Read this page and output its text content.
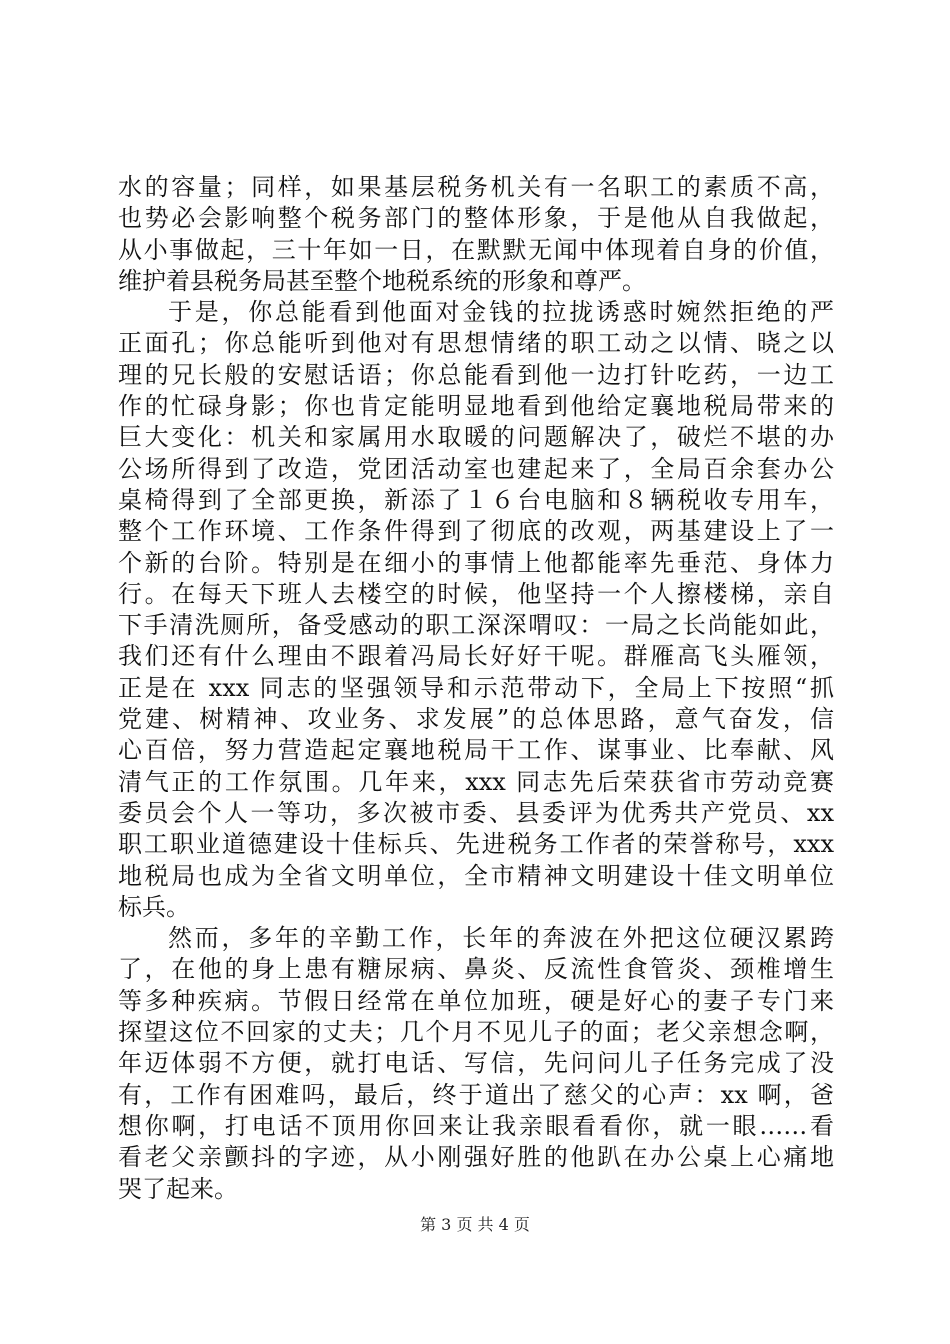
水的容量；同样，如果基层税务机关有一名职工的素质不高，
也势必会影响整个税务部门的整体形象，于是他从自我做起，
从小事做起，三十年如一日，在默默无闻中体现着自身的价值，
维护着县税务局甚至整个地税系统的形象和尊严。
于是，你总能看到他面对金钱的拉拢诱惑时婉然拒绝的严
正面孔；你总能听到他对有思想情绪的职工动之以情、晓之以
理的兄长般的安慰话语；你总能看到他一边打针吃药，一边工
作的忙碌身影；你也肯定能明显地看到他给定襄地税局带来的
巨大变化：机关和家属用水取暖的问题解决了，破烂不堪的办
公场所得到了改造，党团活动室也建起来了，全局百余套办公
桌椅得到了全部更换，新添了１６台电脑和８辆税收专用车，
整个工作环境、工作条件得到了彻底的改观，两基建设上了一
个新的台阶。特别是在细小的事情上他都能率先垂范、身体力
行。在每天下班人去楼空的时候，他坚持一个人擦楼梯，亲自
下手清洗厕所，备受感动的职工深深喟叹：一局之长尚能如此，
我们还有什么理由不跟着冯局长好好干呢。群雁高飞头雁领，
正是在 xxx 同志的坚强领导和示范带动下，全局上下按照“抓
党建、树精神、攻业务、求发展”的总体思路，意气奋发，信
心百倍，努力营造起定襄地税局干工作、谋事业、比奉献、风
清气正的工作氛围。几年来，xxx 同志先后荣获省市劳动竞赛
委员会个人一等功，多次被市委、县委评为优秀共产党员、xx
职工职业道德建设十佳标兵、先进税务工作者的荣誉称号，xxx
地税局也成为全省文明单位，全市精神文明建设十佳文明单位
标兵。
然而，多年的辛勤工作，长年的奔波在外把这位硬汉累跨
了，在他的身上患有糖尿病、鼻炎、反流性食管炎、颈椎增生
等多种疾病。节假日经常在单位加班，硬是好心的妻子专门来
探望这位不回家的丈夫；几个月不见儿子的面；老父亲想念啊，
年迈体弱不方便，就打电话、写信，先问问儿子任务完成了没
有，工作有困难吗，最后，终于道出了慈父的心声：xx 啊，爸
想你啊，打电话不顶用你回来让我亲眼看看你，就一眼……看
看老父亲颤抖的字迹，从小刚强好胜的他趴在办公桌上心痛地
哭了起来。
第 3 页 共 4 页
